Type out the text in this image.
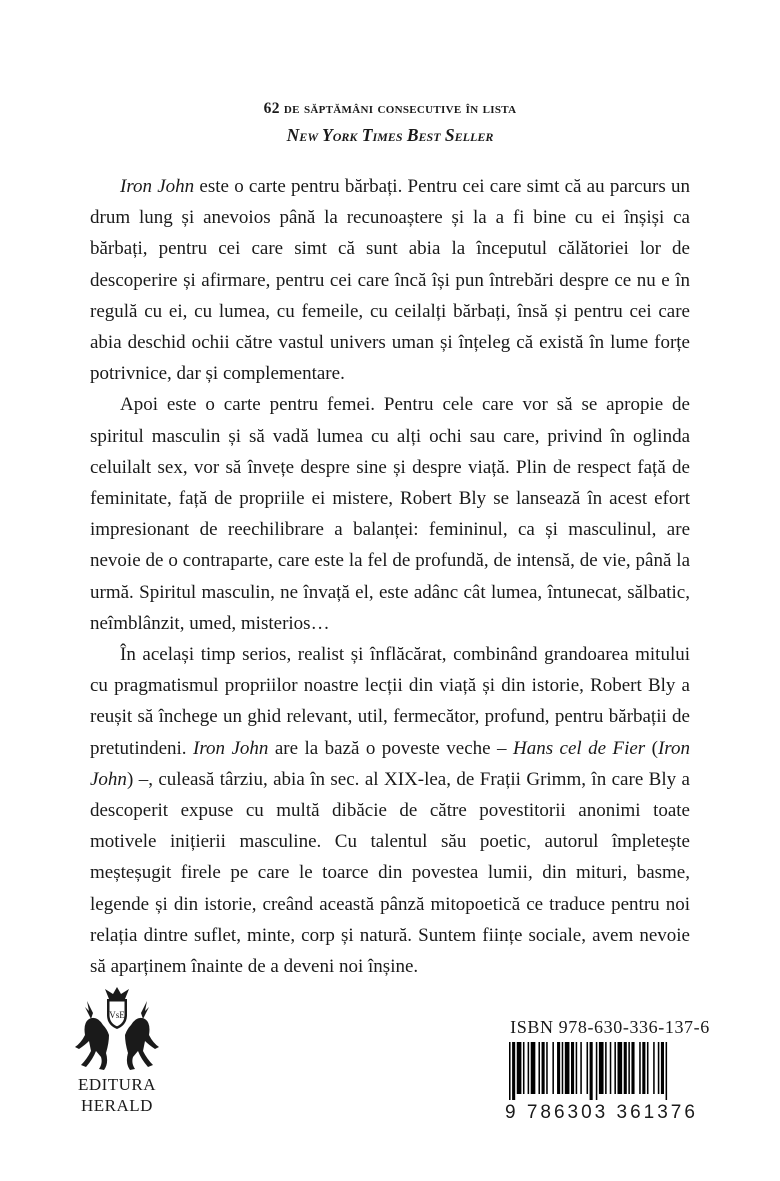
62 de săptămâni consecutive în lista
New York Times Best Seller

Iron John este o carte pentru bărbați. Pentru cei care simt că au parcurs un drum lung și anevoios până la recunoaștere și la a fi bine cu ei înșiși ca bărbați, pentru cei care simt că sunt abia la începutul călătoriei lor de descoperire și afirmare, pentru cei care încă își pun întrebări despre ce nu e în regulă cu ei, cu lumea, cu femeile, cu ceilalți bărbați, însă și pentru cei care abia deschid ochii către vastul univers uman și înțeleg că există în lume forțe potrivnice, dar și complementare.

Apoi este o carte pentru femei. Pentru cele care vor să se apropie de spiritul masculin și să vadă lumea cu alți ochi sau care, privind în oglinda celuilalt sex, vor să învețe despre sine și despre viață. Plin de respect față de feminitate, față de propriile ei mistere, Robert Bly se lansează în acest efort impresionant de reechilibrare a balanței: femininul, ca și masculinul, are nevoie de o contraparte, care este la fel de profundă, de intensă, de vie, până la urmă. Spiritul masculin, ne învață el, este adânc cât lumea, întunecat, sălbatic, neîmblânzit, umed, misterios…

În același timp serios, realist și înflăcărat, combinând grandoarea mitului cu pragmatismul propriilor noastre lecții din viață și din istorie, Robert Bly a reușit să închege un ghid relevant, util, fermecător, profund, pentru bărbații de pretutindeni. Iron John are la bază o poveste veche – Hans cel de Fier (Iron John) –, culeasă târziu, abia în sec. al XIX-lea, de Frații Grimm, în care Bly a descoperit expuse cu multă dibăcie de către povestitorii anonimi toate motivele inițierii masculine. Cu talentul său poetic, autorul împletește meșteșugit firele pe care le toarce din povestea lumii, din mituri, basme, legende și din istorie, creând această pânză mitopoetică ce traduce pentru noi relația dintre suflet, minte, corp și natură. Suntem ființe sociale, avem nevoie să aparținem înainte de a deveni noi înșine.

VsE
EDITURA
HERALD
ISBN 978-630-336-137-6
9 786303 361376
